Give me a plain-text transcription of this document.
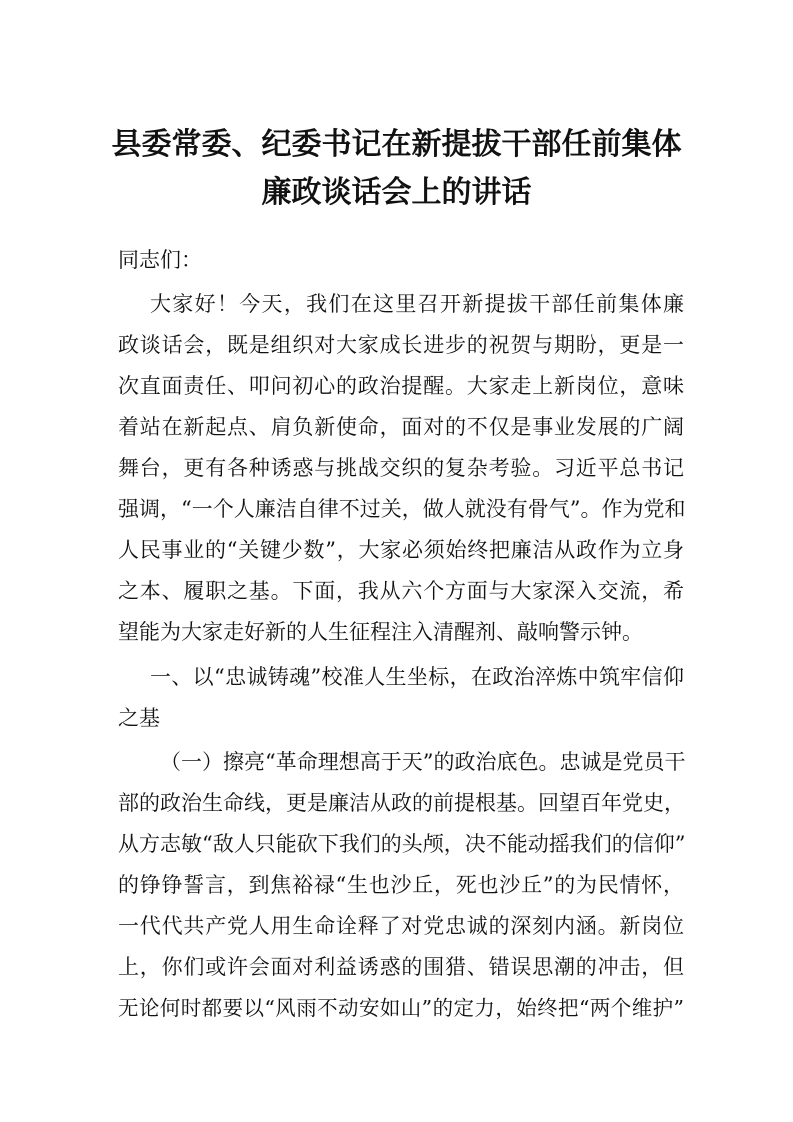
县委常委、纪委书记在新提拔干部任前集体
廉政谈话会上的讲话
同志们：
大家好！今天，我们在这里召开新提拔干部任前集体廉
政谈话会，既是组织对大家成长进步的祝贺与期盼，更是一
次直面责任、叩问初心的政治提醒。大家走上新岗位，意味
着站在新起点、肩负新使命，面对的不仅是事业发展的广阔
舞台，更有各种诱惑与挑战交织的复杂考验。习近平总书记
强调，“一个人廉洁自律不过关，做人就没有骨气”。作为党和
人民事业的“关键少数”，大家必须始终把廉洁从政作为立身
之本、履职之基。下面，我从六个方面与大家深入交流，希
望能为大家走好新的人生征程注入清醒剂、敲响警示钟。
一、以“忠诚铸魂”校准人生坐标，在政治淬炼中筑牢信仰
之基
（一）擦亮“革命理想高于天”的政治底色。忠诚是党员干
部的政治生命线，更是廉洁从政的前提根基。回望百年党史，
从方志敏“敌人只能砍下我们的头颅，决不能动摇我们的信仰”
的铮铮誓言，到焦裕禄“生也沙丘，死也沙丘”的为民情怀，
一代代共产党人用生命诠释了对党忠诚的深刻内涵。新岗位
上，你们或许会面对利益诱惑的围猎、错误思潮的冲击，但
无论何时都要以“风雨不动安如山”的定力，始终把“两个维护”
